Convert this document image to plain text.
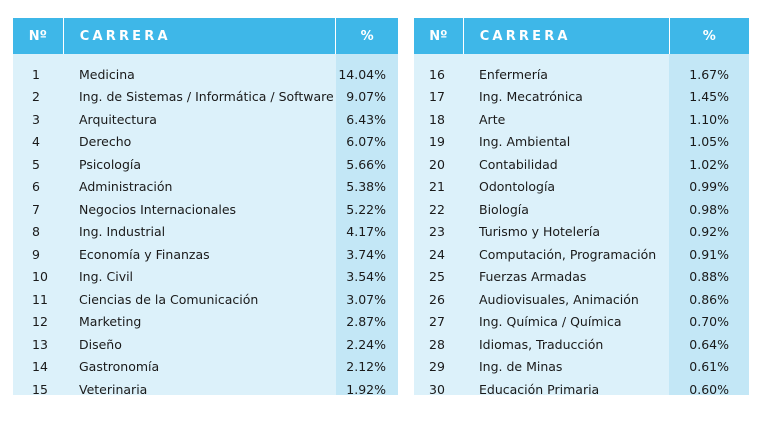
Nº	CARRERA	%
1	Medicina	14.04%
2	Ing. de Sistemas / Informática / Software	9.07%
3	Arquitectura	6.43%
4	Derecho	6.07%
5	Psicología	5.66%
6	Administración	5.38%
7	Negocios Internacionales	5.22%
8	Ing. Industrial	4.17%
9	Economía y Finanzas	3.74%
10	Ing. Civil	3.54%
11	Ciencias de la Comunicación	3.07%
12	Marketing	2.87%
13	Diseño	2.24%
14	Gastronomía	2.12%
15	Veterinaria	1.92%
Nº	CARRERA	%
16	Enfermería	1.67%
17	Ing. Mecatrónica	1.45%
18	Arte	1.10%
19	Ing. Ambiental	1.05%
20	Contabilidad	1.02%
21	Odontología	0.99%
22	Biología	0.98%
23	Turismo y Hotelería	0.92%
24	Computación, Programación	0.91%
25	Fuerzas Armadas	0.88%
26	Audiovisuales, Animación	0.86%
27	Ing. Química / Química	0.70%
28	Idiomas, Traducción	0.64%
29	Ing. de Minas	0.61%
30	Educación Primaria	0.60%
